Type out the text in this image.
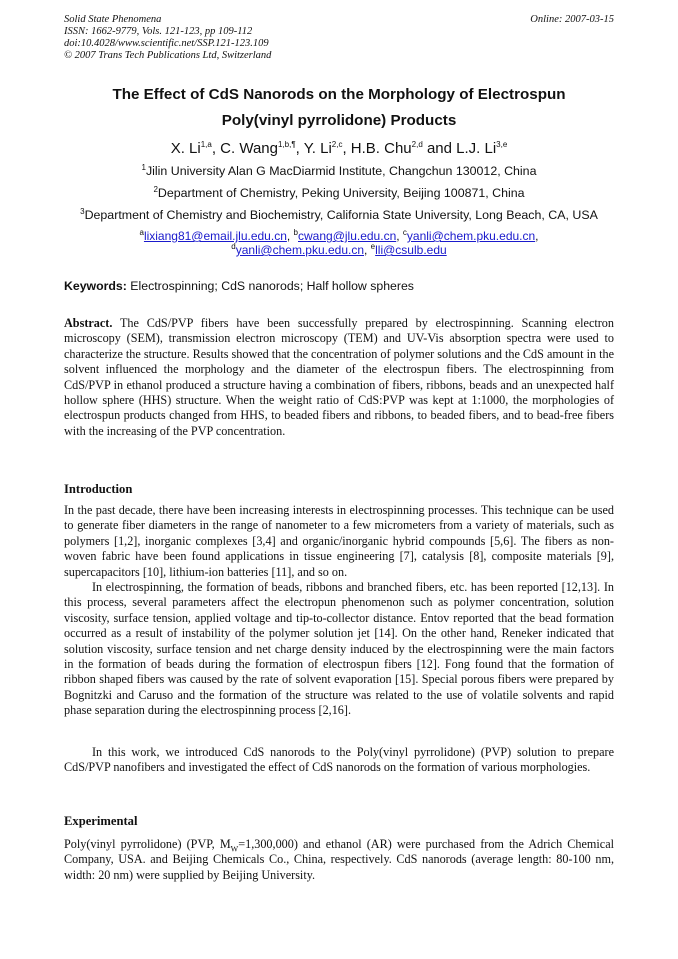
Solid State Phenomena
ISSN: 1662-9779, Vols. 121-123, pp 109-112
doi:10.4028/www.scientific.net/SSP.121-123.109
© 2007 Trans Tech Publications Ltd, Switzerland
Online: 2007-03-15
The Effect of CdS Nanorods on the Morphology of Electrospun
Poly(vinyl pyrrolidone) Products
X. Li$^{1,a}$, C. Wang$^{1,b,\P}$, Y. Li$^{2,c}$, H.B. Chu$^{2,d}$ and L.J. Li$^{3,e}$
$^1$Jilin University Alan G MacDiarmid Institute, Changchun 130012, China
$^2$Department of Chemistry, Peking University, Beijing 100871, China
$^3$Department of Chemistry and Biochemistry, California State University, Long Beach, CA, USA
$^a$lixiang81@email.jlu.edu.cn, $^b$cwang@jlu.edu.cn, $^c$yanli@chem.pku.edu.cn,
$^d$yanli@chem.pku.edu.cn, $^e$lli@csulb.edu
Keywords: Electrospinning; CdS nanorods; Half hollow spheres
Abstract. The CdS/PVP fibers have been successfully prepared by electrospinning. Scanning electron microscopy (SEM), transmission electron microscopy (TEM) and UV-Vis absorption spectra were used to characterize the structure. Results showed that the concentration of polymer solutions and the CdS amount in the solvent influenced the morphology and the diameter of the electrospun fibers. The electrospinning from CdS/PVP in ethanol produced a structure having a combination of fibers, ribbons, beads and an unexpected half hollow sphere (HHS) structure. When the weight ratio of CdS:PVP was kept at 1:1000, the morphologies of electrospun products changed from HHS, to beaded fibers and ribbons, to beaded fibers, and to bead-free fibers with the increasing of the PVP concentration.
Introduction
In the past decade, there have been increasing interests in electrospinning processes. This technique can be used to generate fiber diameters in the range of nanometer to a few micrometers from a variety of materials, such as polymers [1,2], inorganic complexes [3,4] and organic/inorganic hybrid compounds [5,6]. The fibers as non-woven fabric have been found applications in tissue engineering [7], catalysis [8], composite materials [9], supercapacitors [10], lithium-ion batteries [11], and so on.
In electrospinning, the formation of beads, ribbons and branched fibers, etc. has been reported [12,13]. In this process, several parameters affect the electropun phenomenon such as polymer concentration, solution viscosity, surface tension, applied voltage and tip-to-collector distance. Entov reported that the bead formation occurred as a result of instability of the polymer solution jet [14]. On the other hand, Reneker indicated that solution viscosity, surface tension and net charge density induced by the electrospinning were the main factors in the formation of beads during the formation of electrospun fibers [12]. Fong found that the formation of ribbon shaped fibers was caused by the rate of solvent evaporation [15]. Special porous fibers were prepared by Bognitzki and Caruso and the formation of the structure was related to the use of volatile solvents and rapid phase separation during the electrospinning process [2,16].
In this work, we introduced CdS nanorods to the Poly(vinyl pyrrolidone) (PVP) solution to prepare CdS/PVP nanofibers and investigated the effect of CdS nanorods on the formation of various morphologies.
Experimental
Poly(vinyl pyrrolidone) (PVP, $M_W=1,300,000$) and ethanol (AR) were purchased from the Adrich Chemical Company, USA. and Beijing Chemicals Co., China, respectively. CdS nanorods (average length: 80-100 nm, width: 20 nm) were supplied by Beijing University.
